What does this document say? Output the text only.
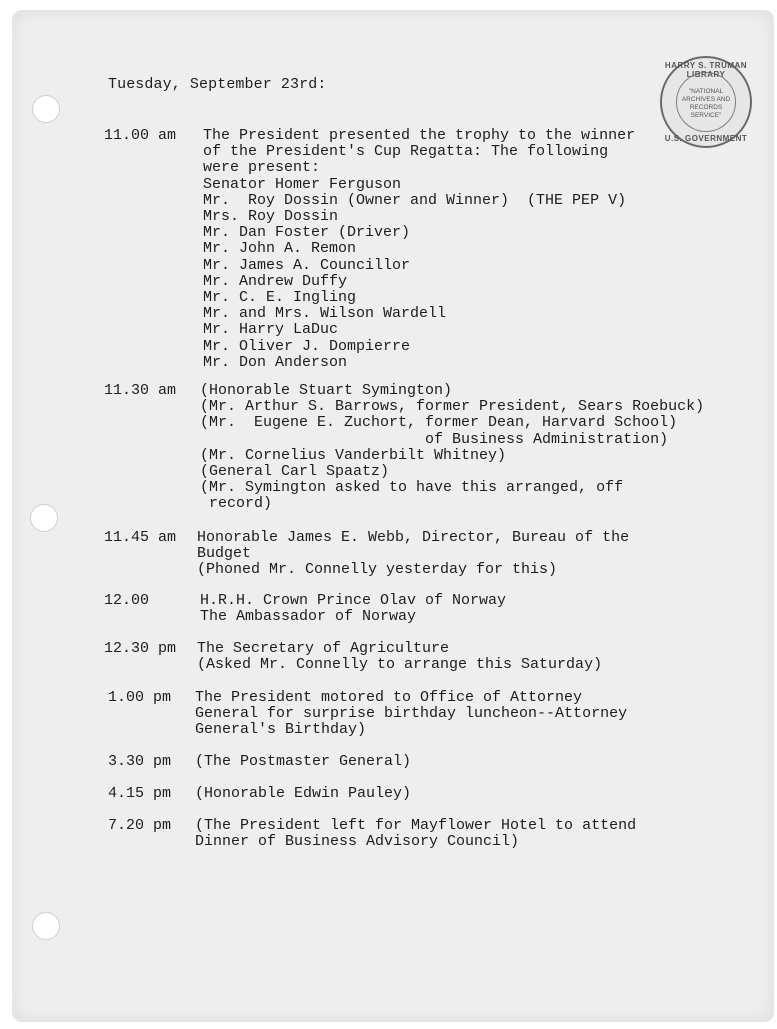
HARRY S. TRUMAN LIBRARY
"NATIONAL
ARCHIVES AND
RECORDS
SERVICE"
U.S. GOVERNMENT
Tuesday, September 23rd:
11.00 am The President presented the trophy to the winner
of the President's Cup Regatta: The following
were present:
Senator Homer Ferguson
Mr.  Roy Dossin (Owner and Winner)  (THE PEP V)
Mrs. Roy Dossin
Mr. Dan Foster (Driver)
Mr. John A. Remon
Mr. James A. Councillor
Mr. Andrew Duffy
Mr. C. E. Ingling
Mr. and Mrs. Wilson Wardell
Mr. Harry LaDuc
Mr. Oliver J. Dompierre
Mr. Don Anderson
11.30 am (Honorable Stuart Symington)
(Mr. Arthur S. Barrows, former President, Sears Roebuck)
(Mr.  Eugene E. Zuchort, former Dean, Harvard School)
of Business Administration)
(Mr. Cornelius Vanderbilt Whitney)
(General Carl Spaatz)
(Mr. Symington asked to have this arranged, off
record)
11.45 am Honorable James E. Webb, Director, Bureau of the
Budget
(Phoned Mr. Connelly yesterday for this)
12.00	H.R.H. Crown Prince Olav of Norway
The Ambassador of Norway
12.30 pm The Secretary of Agriculture
(Asked Mr. Connelly to arrange this Saturday)
1.00 pm The President motored to Office of Attorney
General for surprise birthday luncheon--Attorney
General's Birthday)
3.30 pm (The Postmaster General)
4.15 pm (Honorable Edwin Pauley)
7.20 pm (The President left for Mayflower Hotel to attend
Dinner of Business Advisory Council)
